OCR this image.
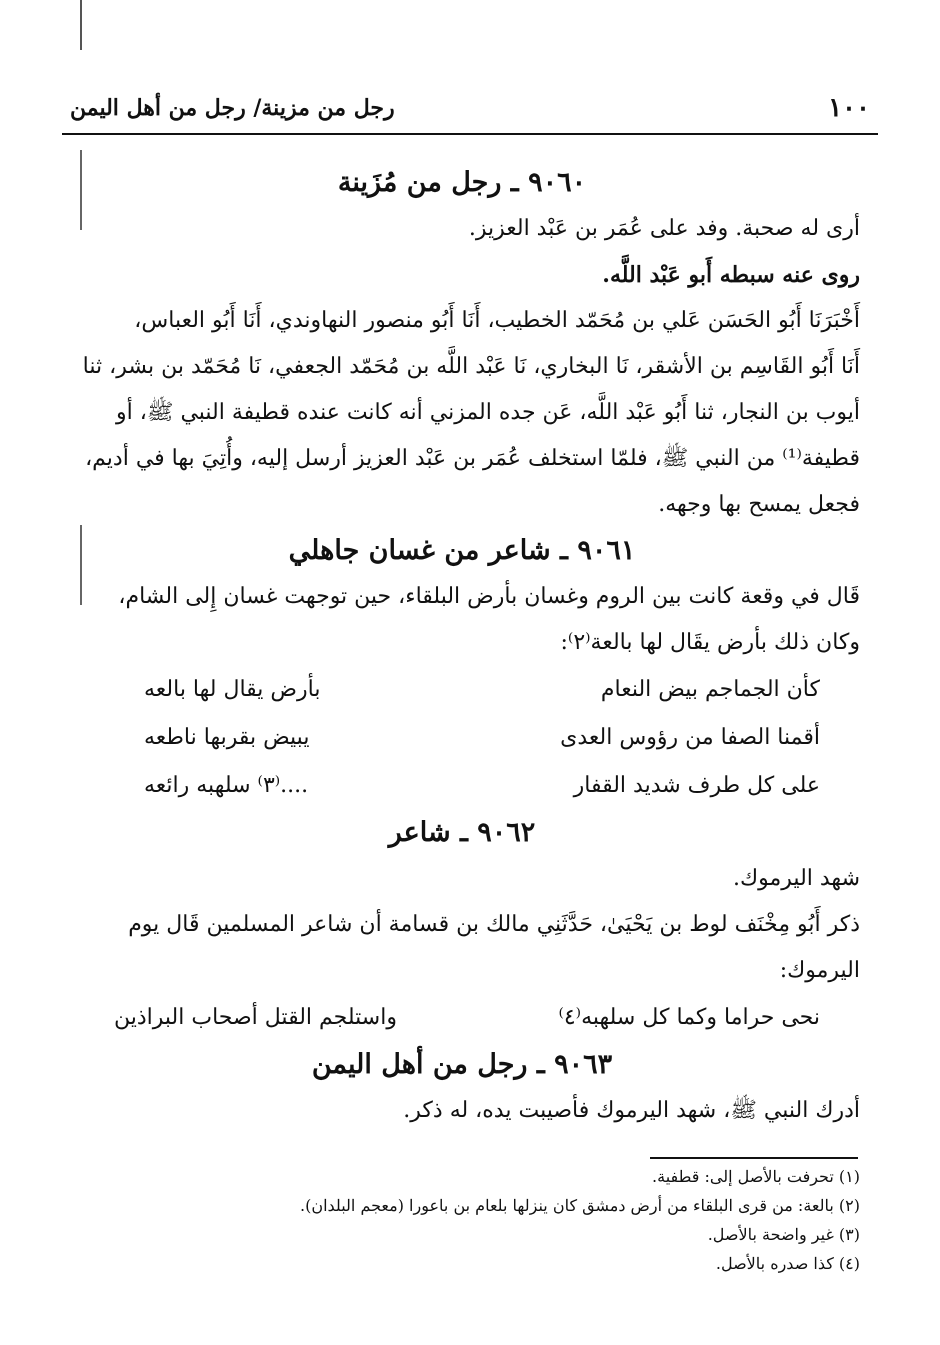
١٠٠
رجل من مزينة/ رجل من أهل اليمن
٩٠٦٠ ـ رجل من مُزَينة

أرى له صحبة. وفد على عُمَر بن عَبْد العزيز.

روى عنه سبطه أَبو عَبْد اللَّه.

أَخْبَرَنَا أَبُو الحَسَن عَلي بن مُحَمّد الخطيب، أَنَا أَبُو منصور النهاوندي، أَنَا أَبُو العباس،

أَنَا أَبُو القَاسِم بن الأشقر، نَا البخاري، نَا عَبْد اللَّه بن مُحَمّد الجعفي، نَا مُحَمّد بن بشر، ثنا

أيوب بن النجار، ثنا أَبُو عَبْد اللَّه، عَن جده المزني أنه كانت عنده قطيفة النبي ﷺ، أو

قطيفة⁽¹⁾ من النبي ﷺ، فلمّا استخلف عُمَر بن عَبْد العزيز أرسل إليه، وأُتِيَ بها في أديم،

فجعل يمسح بها وجهه.

٩٠٦١ ـ شاعر من غسان جاهلي

قَال في وقعة كانت بين الروم وغسان بأرض البلقاء، حين توجهت غسان إِلى الشام،

وكان ذلك بأرض يقَال لها بالعة⁽٢⁾:

كأن الجماجم بيض النعام
بأرض يقال لها بالعه
أقمنا الصفا من رؤوس العدى
يبيض بقربها ناطعه
على كل طرف شديد القفار
....⁽٣⁾ سلهبه رائعه
٩٠٦٢ ـ شاعر

شهد اليرموك.

ذكر أَبُو مِخْنَف لوط بن يَحْيَىٰ، حَدَّثَنِي مالك بن قسامة أن شاعر المسلمين قَال يوم

اليرموك:

نحى حراما وكما كل سلهبه⁽٤⁾
واستلجم القتل أصحاب البراذين
٩٠٦٣ ـ رجل من أهل اليمن

أدرك النبي ﷺ، شهد اليرموك فأصيبت يده، له ذكر.

(١) تحرفت بالأصل إلى: قطفية.
(٢) بالعة: من قرى البلقاء من أرض دمشق كان ينزلها بلعام بن باعورا (معجم البلدان).
(٣) غير واضحة بالأصل.
(٤) كذا صدره بالأصل.
